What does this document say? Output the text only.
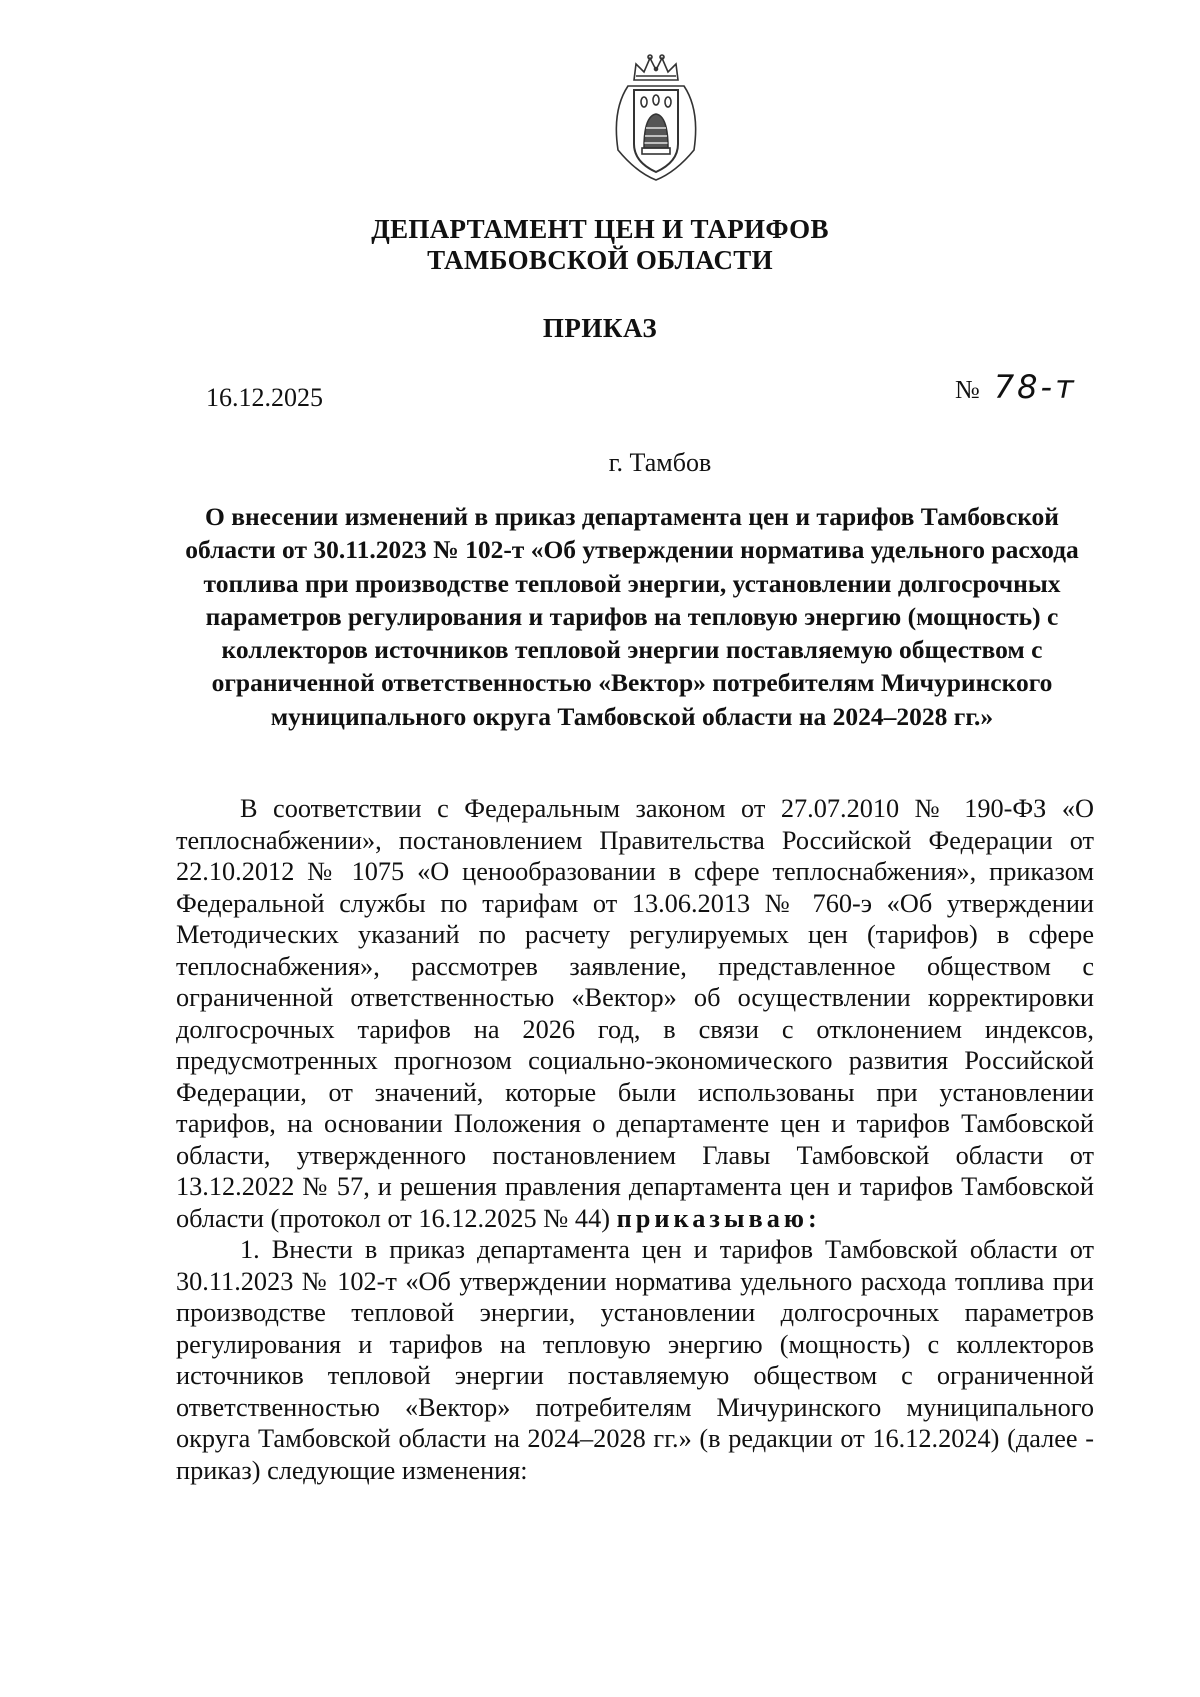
ДЕПАРТАМЕНТ ЦЕН И ТАРИФОВ
ТАМБОВСКОЙ ОБЛАСТИ
ПРИКАЗ
16.12.2025	№ 78-т
г. Тамбов
О внесении изменений в приказ департамента цен и тарифов Тамбовской области от 30.11.2023 № 102-т «Об утверждении норматива удельного расхода топлива при производстве тепловой энергии, установлении долгосрочных параметров регулирования и тарифов на тепловую энергию (мощность) с коллекторов источников тепловой энергии поставляемую обществом с ограниченной ответственностью «Вектор» потребителям Мичуринского муниципального округа Тамбовской области на 2024–2028 гг.»

В соответствии с Федеральным законом от 27.07.2010 № 190-ФЗ «О теплоснабжении», постановлением Правительства Российской Федерации от 22.10.2012 № 1075 «О ценообразовании в сфере теплоснабжения», приказом Федеральной службы по тарифам от 13.06.2013 № 760-э «Об утверждении Методических указаний по расчету регулируемых цен (тарифов) в сфере теплоснабжения», рассмотрев заявление, представленное обществом с ограниченной ответственностью «Вектор» об осуществлении корректировки долгосрочных тарифов на 2026 год, в связи с отклонением индексов, предусмотренных прогнозом социально-экономического развития Российской Федерации, от значений, которые были использованы при установлении тарифов, на основании Положения о департаменте цен и тарифов Тамбовской области, утвержденного постановлением Главы Тамбовской области от 13.12.2022 № 57, и решения правления департамента цен и тарифов Тамбовской области (протокол от 16.12.2025 № 44) приказываю:

1. Внести в приказ департамента цен и тарифов Тамбовской области от 30.11.2023 № 102-т «Об утверждении норматива удельного расхода топлива при производстве тепловой энергии, установлении долгосрочных параметров регулирования и тарифов на тепловую энергию (мощность) с коллекторов источников тепловой энергии поставляемую обществом с ограниченной ответственностью «Вектор» потребителям Мичуринского муниципального округа Тамбовской области на 2024–2028 гг.» (в редакции от 16.12.2024) (далее - приказ) следующие изменения:
